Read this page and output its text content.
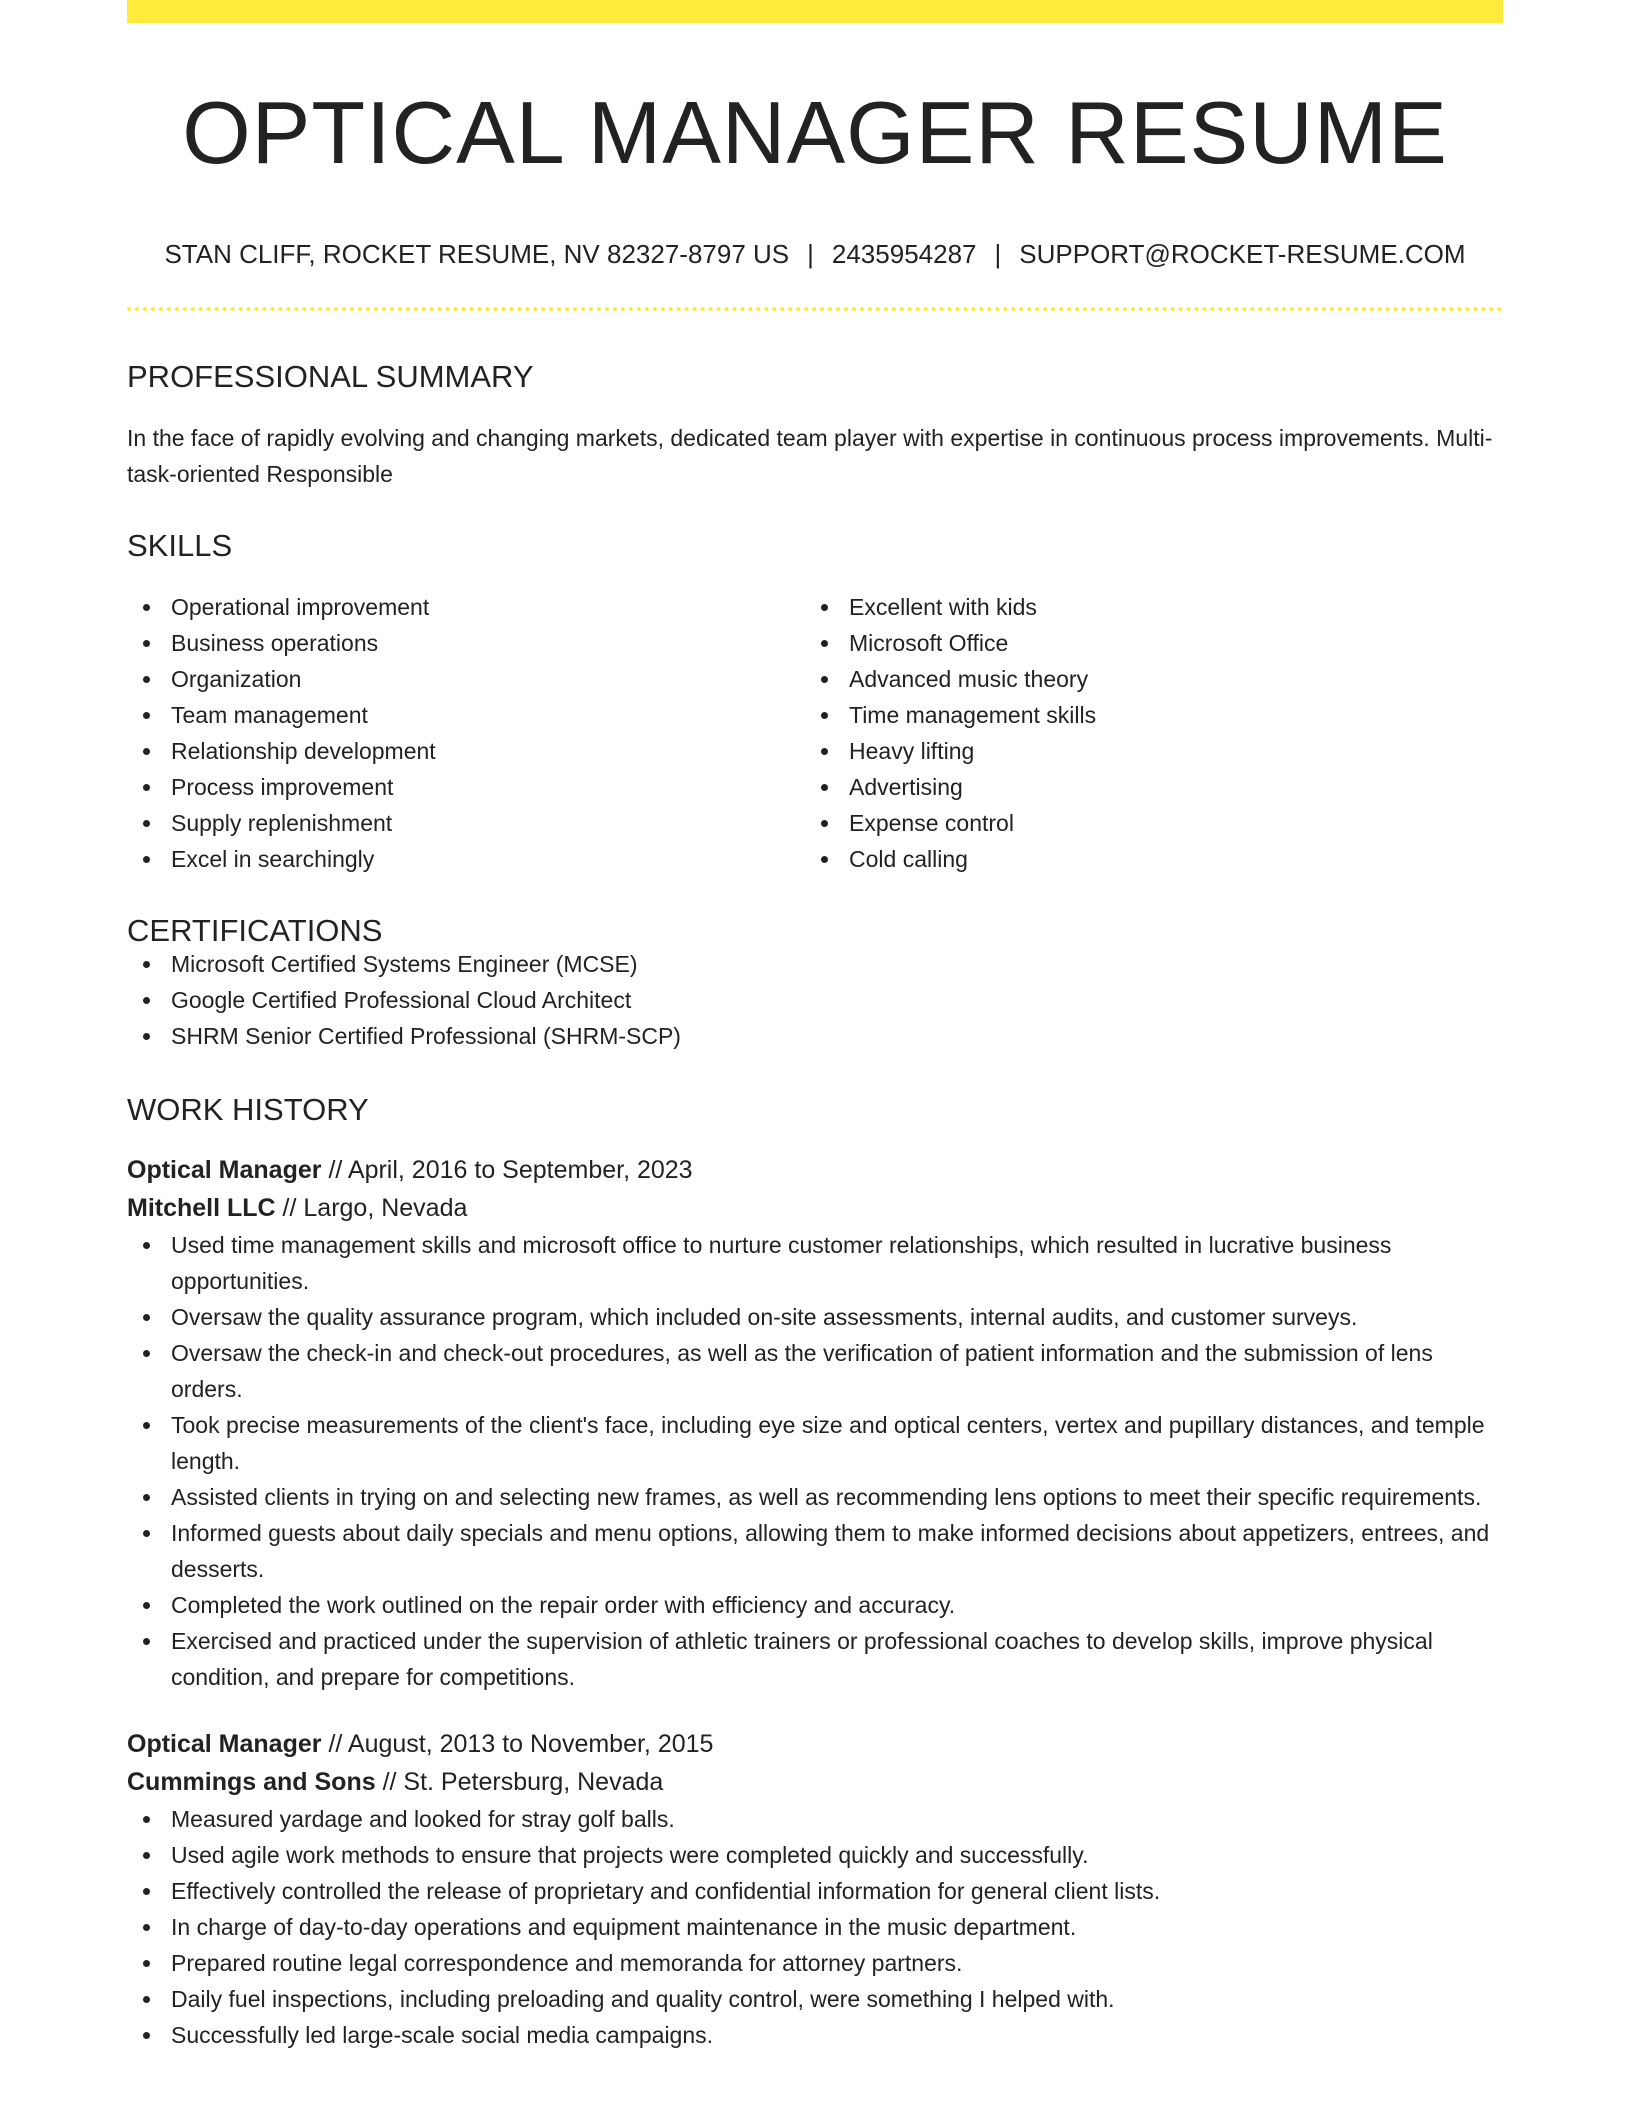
OPTICAL MANAGER RESUME
STAN CLIFF, ROCKET RESUME, NV 82327-8797 US | 2435954287 | SUPPORT@ROCKET-RESUME.COM
PROFESSIONAL SUMMARY
In the face of rapidly evolving and changing markets, dedicated team player with expertise in continuous process improvements. Multi-task-oriented Responsible
SKILLS
Operational improvement
Business operations
Organization
Team management
Relationship development
Process improvement
Supply replenishment
Excel in searchingly
Excellent with kids
Microsoft Office
Advanced music theory
Time management skills
Heavy lifting
Advertising
Expense control
Cold calling
CERTIFICATIONS
Microsoft Certified Systems Engineer (MCSE)
Google Certified Professional Cloud Architect
SHRM Senior Certified Professional (SHRM-SCP)
WORK HISTORY
Optical Manager // April, 2016 to September, 2023
Mitchell LLC // Largo, Nevada
Used time management skills and microsoft office to nurture customer relationships, which resulted in lucrative business opportunities.
Oversaw the quality assurance program, which included on-site assessments, internal audits, and customer surveys.
Oversaw the check-in and check-out procedures, as well as the verification of patient information and the submission of lens orders.
Took precise measurements of the client's face, including eye size and optical centers, vertex and pupillary distances, and temple length.
Assisted clients in trying on and selecting new frames, as well as recommending lens options to meet their specific requirements.
Informed guests about daily specials and menu options, allowing them to make informed decisions about appetizers, entrees, and desserts.
Completed the work outlined on the repair order with efficiency and accuracy.
Exercised and practiced under the supervision of athletic trainers or professional coaches to develop skills, improve physical condition, and prepare for competitions.
Optical Manager // August, 2013 to November, 2015
Cummings and Sons // St. Petersburg, Nevada
Measured yardage and looked for stray golf balls.
Used agile work methods to ensure that projects were completed quickly and successfully.
Effectively controlled the release of proprietary and confidential information for general client lists.
In charge of day-to-day operations and equipment maintenance in the music department.
Prepared routine legal correspondence and memoranda for attorney partners.
Daily fuel inspections, including preloading and quality control, were something I helped with.
Successfully led large-scale social media campaigns.
